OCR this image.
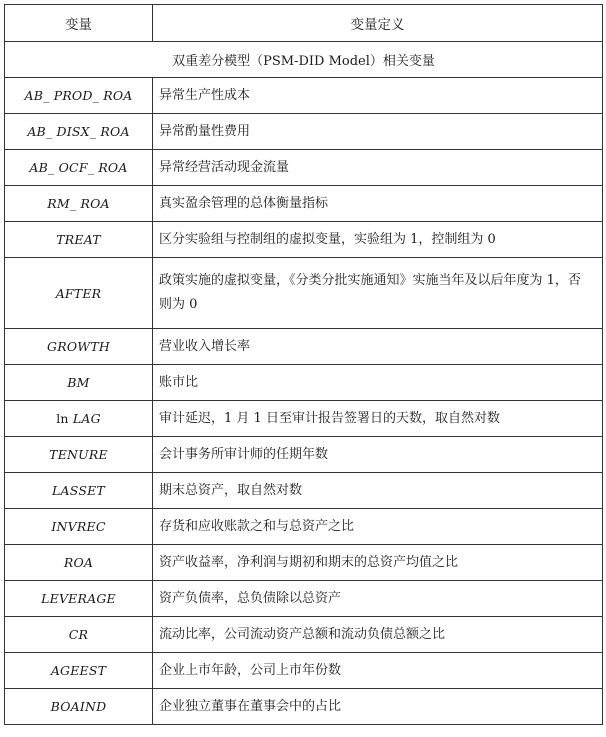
变量	变量定义
双重差分模型（PSM-DID Model）相关变量	
AB_ PROD_ ROA	异常生产性成本
AB_ DISX_ ROA	异常酌量性费用
AB_ OCF_ ROA	异常经营活动现金流量
RM_ ROA	真实盈余管理的总体衡量指标
TREAT	区分实验组与控制组的虚拟变量，实验组为 1，控制组为 0
AFTER	政策实施的虚拟变量，《分类分批实施通知》实施当年及以后年度为 1，否则为 0
GROWTH	营业收入增长率
BM	账市比
ln LAG	审计延迟，1 月 1 日至审计报告签署日的天数，取自然对数
TENURE	会计事务所审计师的任期年数
LASSET	期末总资产，取自然对数
INVREC	存货和应收账款之和与总资产之比
ROA	资产收益率，净利润与期初和期末的总资产均值之比
LEVERAGE	资产负债率，总负债除以总资产
CR	流动比率，公司流动资产总额和流动负债总额之比
AGEEST	企业上市年龄，公司上市年份数
BOAIND	企业独立董事在董事会中的占比
